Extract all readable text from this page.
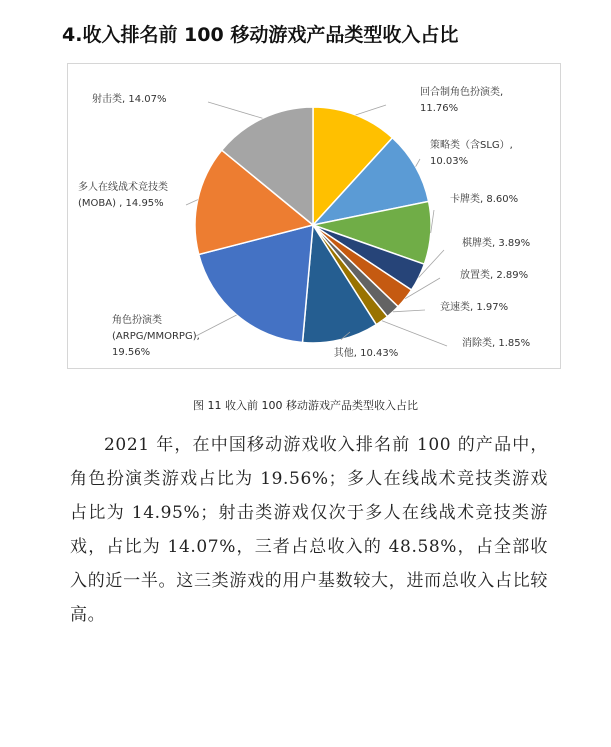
4.收入排名前 100 移动游戏产品类型收入占比
回合制角色扮演类, 11.76%
策略类（含SLG）, 10.03%
卡牌类, 8.60%
棋牌类, 3.89%
放置类, 2.89%
竞速类, 1.97%
消除类, 1.85%
其他, 10.43%
角色扮演类(ARPG/MMORPG), 19.56%
多人在线战术竞技类(MOBA) , 14.95%
射击类, 14.07%
图 11 收入前 100 移动游戏产品类型收入占比
2021 年，在中国移动游戏收入排名前 100 的产品中，角色扮演类游戏占比为 19.56%；多人在线战术竞技类游戏占比为 14.95%；射击类游戏仅次于多人在线战术竞技类游戏，占比为 14.07%，三者占总收入的 48.58%，占全部收入的近一半。这三类游戏的用户基数较大，进而总收入占比较高。
